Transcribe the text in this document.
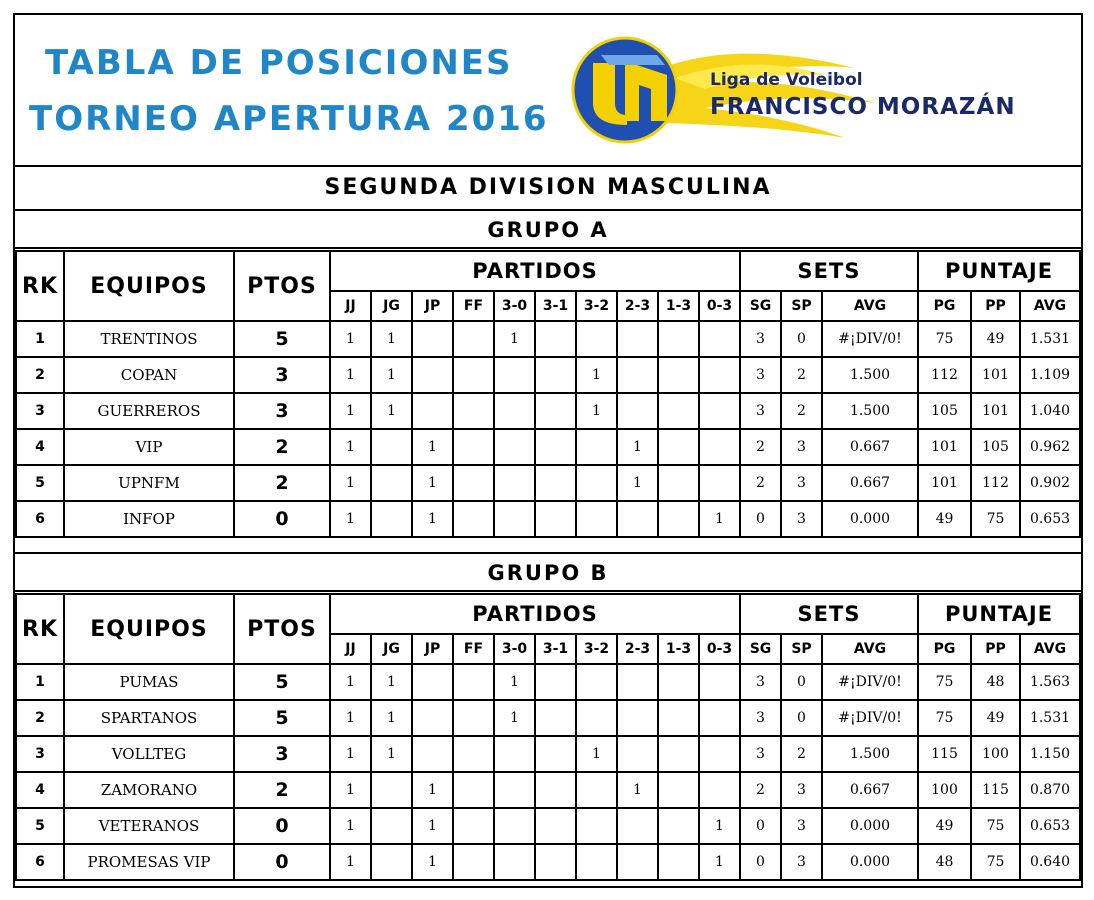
TABLA DE POSICIONES
TORNEO APERTURA 2016
Liga de Voleibol
FRANCISCO MORAZÁN
SEGUNDA DIVISION MASCULINA
GRUPO A
RK	EQUIPOS	PTOS	PARTIDOS										SETS			PUNTAJE		
			JJ	JG	JP	FF	3-0	3-1	3-2	2-3	1-3	0-3	SG	SP	AVG	PG	PP	AVG
1	TRENTINOS	5	1	1			1						3	0	#¡DIV/0!	75	49	1.531
2	COPAN	3	1	1					1				3	2	1.500	112	101	1.109
3	GUERREROS	3	1	1					1				3	2	1.500	105	101	1.040
4	VIP	2	1		1					1			2	3	0.667	101	105	0.962
5	UPNFM	2	1		1					1			2	3	0.667	101	112	0.902
6	INFOP	0	1		1							1	0	3	0.000	49	75	0.653
GRUPO B
RK	EQUIPOS	PTOS	PARTIDOS										SETS			PUNTAJE		
			JJ	JG	JP	FF	3-0	3-1	3-2	2-3	1-3	0-3	SG	SP	AVG	PG	PP	AVG
1	PUMAS	5	1	1			1						3	0	#¡DIV/0!	75	48	1.563
2	SPARTANOS	5	1	1			1						3	0	#¡DIV/0!	75	49	1.531
3	VOLLTEG	3	1	1					1				3	2	1.500	115	100	1.150
4	ZAMORANO	2	1		1					1			2	3	0.667	100	115	0.870
5	VETERANOS	0	1		1							1	0	3	0.000	49	75	0.653
6	PROMESAS VIP	0	1		1							1	0	3	0.000	48	75	0.640
